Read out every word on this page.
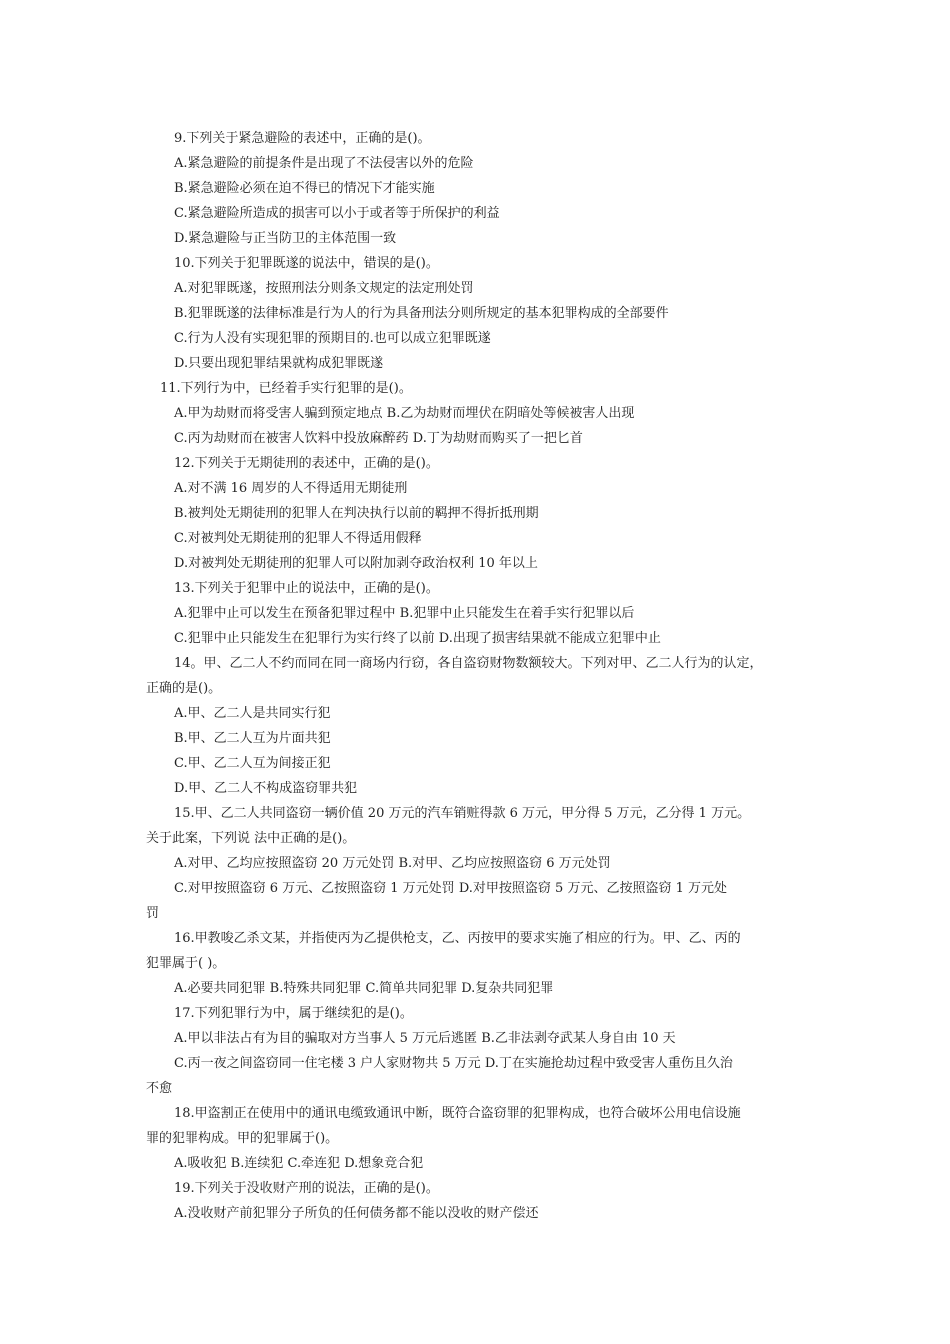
9.下列关于紧急避险的表述中，正确的是()。
A.紧急避险的前提条件是出现了不法侵害以外的危险
B.紧急避险必须在迫不得已的情况下才能实施
C.紧急避险所造成的损害可以小于或者等于所保护的利益
D.紧急避险与正当防卫的主体范围一致
10.下列关于犯罪既遂的说法中，错误的是()。
A.对犯罪既遂，按照刑法分则条文规定的法定刑处罚
B.犯罪既遂的法律标准是行为人的行为具备刑法分则所规定的基本犯罪构成的全部要件
C.行为人没有实现犯罪的预期目的.也可以成立犯罪既遂
D.只要出现犯罪结果就构成犯罪既遂
11.下列行为中，已经着手实行犯罪的是()。
A.甲为劫财而将受害人骗到预定地点 B.乙为劫财而埋伏在阴暗处等候被害人出现
C.丙为劫财而在被害人饮料中投放麻醉药 D.丁为劫财而购买了一把匕首
12.下列关于无期徒刑的表述中，正确的是()。
A.对不满 16 周岁的人不得适用无期徒刑
B.被判处无期徒刑的犯罪人在判决执行以前的羁押不得折抵刑期
C.对被判处无期徒刑的犯罪人不得适用假释
D.对被判处无期徒刑的犯罪人可以附加剥夺政治权利 10 年以上
13.下列关于犯罪中止的说法中，正确的是()。
A.犯罪中止可以发生在预备犯罪过程中 B.犯罪中止只能发生在着手实行犯罪以后
C.犯罪中止只能发生在犯罪行为实行终了以前 D.出现了损害结果就不能成立犯罪中止
14。甲、乙二人不约而同在同一商场内行窃，各自盗窃财物数额较大。下列对甲、乙二人行为的认定，
正确的是()。
A.甲、乙二人是共同实行犯
B.甲、乙二人互为片面共犯
C.甲、乙二人互为间接正犯
D.甲、乙二人不构成盗窃罪共犯
15.甲、乙二人共同盗窃一辆价值 20 万元的汽车销赃得款 6 万元，甲分得 5 万元，乙分得 1 万元。
关于此案，下列说 法中正确的是()。
A.对甲、乙均应按照盗窃 20 万元处罚 B.对甲、乙均应按照盗窃 6 万元处罚
C.对甲按照盗窃 6 万元、乙按照盗窃 1 万元处罚 D.对甲按照盗窃 5 万元、乙按照盗窃 1 万元处
罚
16.甲教唆乙杀文某，并指使丙为乙提供枪支，乙、丙按甲的要求实施了相应的行为。甲、乙、丙的
犯罪属于( )。
A.必要共同犯罪 B.特殊共同犯罪 C.简单共同犯罪 D.复杂共同犯罪
17.下列犯罪行为中，属于继续犯的是()。
A.甲以非法占有为目的骗取对方当事人 5 万元后逃匿 B.乙非法剥夺武某人身自由 10 天
C.丙一夜之间盗窃同一住宅楼 3 户人家财物共 5 万元 D.丁在实施抢劫过程中致受害人重伤且久治
不愈
18.甲盗割正在使用中的通讯电缆致通讯中断，既符合盗窃罪的犯罪构成，也符合破坏公用电信设施
罪的犯罪构成。甲的犯罪属于()。
A.吸收犯 B.连续犯 C.牵连犯 D.想象竞合犯
19.下列关于没收财产刑的说法，正确的是()。
A.没收财产前犯罪分子所负的任何债务都不能以没收的财产偿还
